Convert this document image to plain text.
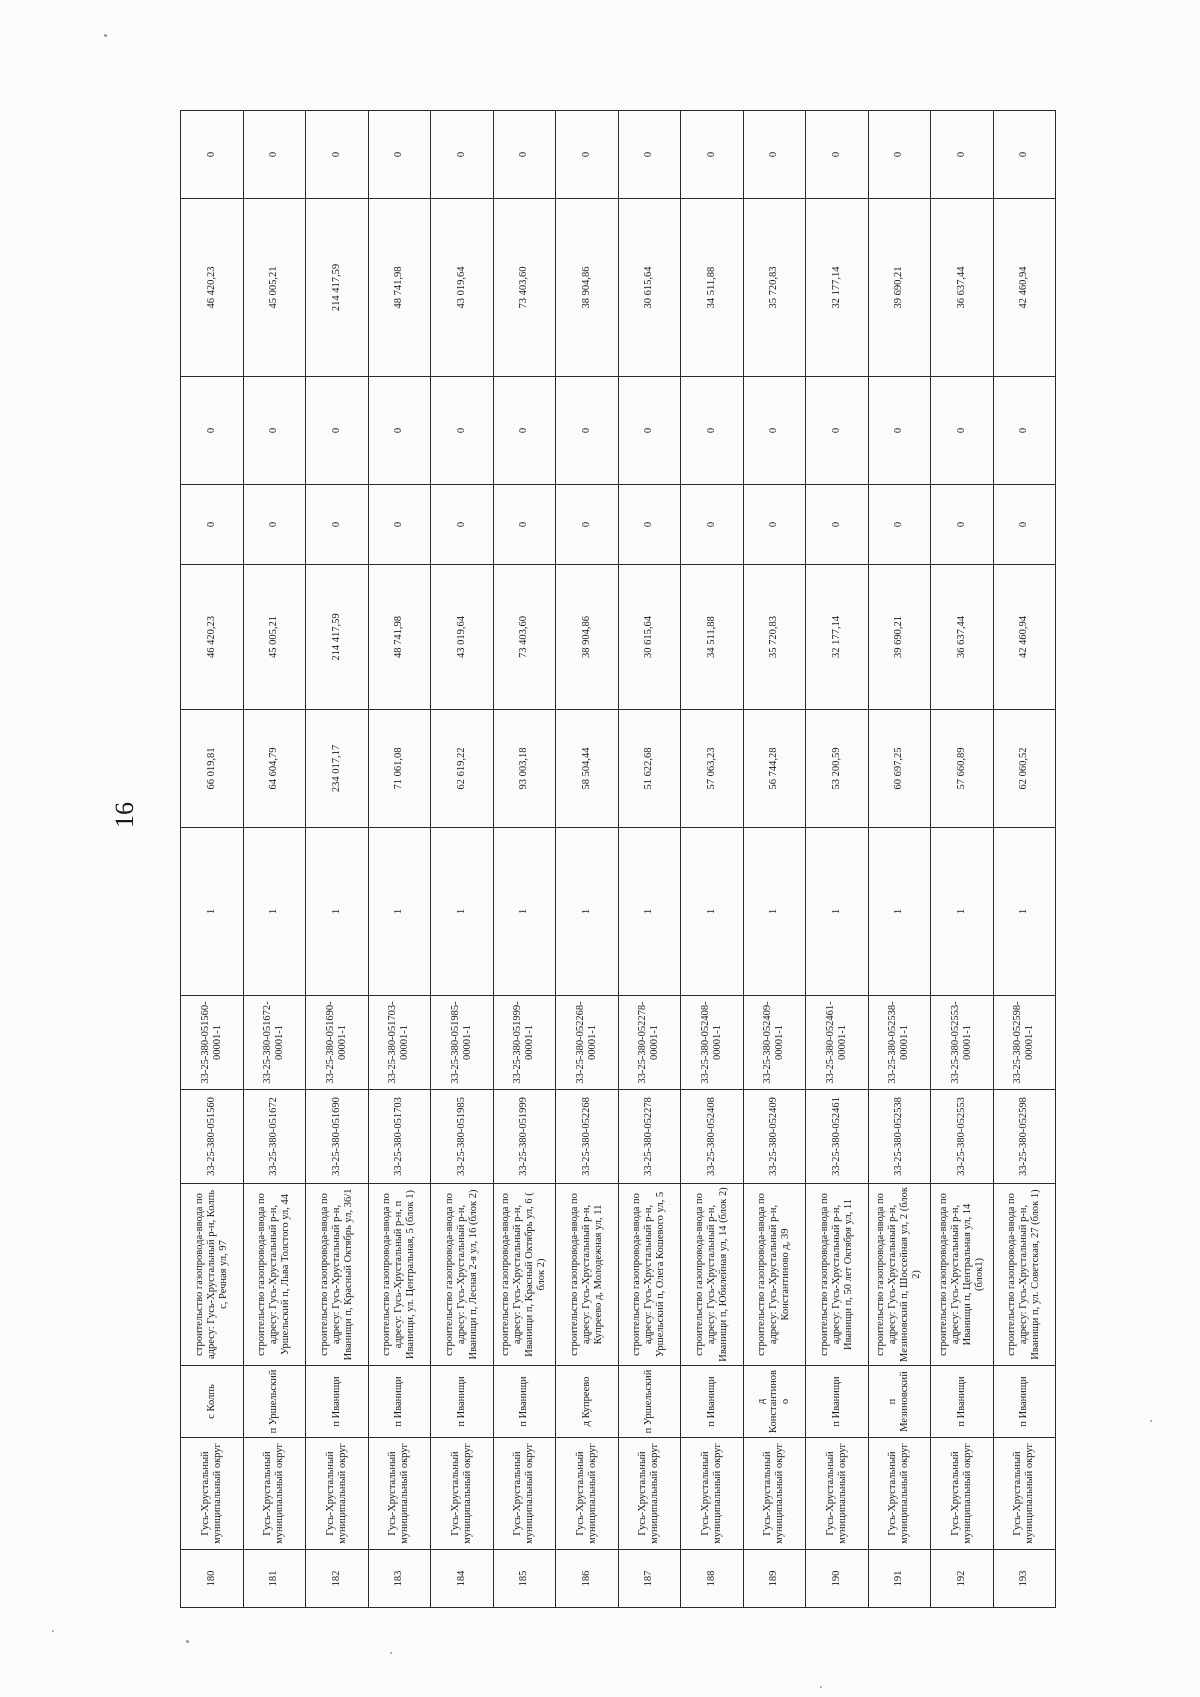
16
180	Гусь-Хрустальный муниципальный округ	с Колпь	строительство газопровода-ввода по адресу: Гусь-Хрустальный р-н, Колпь с, Речная ул, 97	33-25-380-051560	33-25-380-051560-00001-1	1	66 019,81	46 420,23	0	0	46 420,23	0
181	Гусь-Хрустальный муниципальный округ	п Уршельский	строительство газопровода-ввода по адресу: Гусь-Хрустальный р-н, Уршельский п, Льва Толстого ул, 44	33-25-380-051672	33-25-380-051672-00001-1	1	64 604,79	45 005,21	0	0	45 005,21	0
182	Гусь-Хрустальный муниципальный округ	п Иванищи	строительство газопровода-ввода по адресу: Гусь-Хрустальный р-н, Иванищи п, Красный Октябрь ул, 36/1	33-25-380-051690	33-25-380-051690-00001-1	1	234 017,17	214 417,59	0	0	214 417,59	0
183	Гусь-Хрустальный муниципальный округ	п Иванищи	строительство газопровода-ввода по адресу: Гусь-Хрустальный р-н, п Иванищи, ул. Центральная, 5 (блок 1)	33-25-380-051703	33-25-380-051703-00001-1	1	71 061,08	48 741,98	0	0	48 741,98	0
184	Гусь-Хрустальный муниципальный округ	п Иванищи	строительство газопровода-ввода по адресу: Гусь-Хрустальный р-н, Иванищи п, Лесная 2-я ул, 16 (блок 2)	33-25-380-051985	33-25-380-051985-00001-1	1	62 619,22	43 019,64	0	0	43 019,64	0
185	Гусь-Хрустальный муниципальный округ	п Иванищи	строительство газопровода-ввода по адресу: Гусь-Хрустальный р-н, Иванищи п, Красный Октябрь ул, 6 ( блок 2)	33-25-380-051999	33-25-380-051999-00001-1	1	93 003,18	73 403,60	0	0	73 403,60	0
186	Гусь-Хрустальный муниципальный округ	д Купреево	строительство газопровода-ввода по адресу: Гусь-Хрустальный р-н, Купреево д, Молодежная ул, 11	33-25-380-052268	33-25-380-052268-00001-1	1	58 504,44	38 904,86	0	0	38 904,86	0
187	Гусь-Хрустальный муниципальный округ	п Уршельский	строительство газопровода-ввода по адресу: Гусь-Хрустальный р-н, Уршельский п, Олега Кошевого ул, 5	33-25-380-052278	33-25-380-052278-00001-1	1	51 622,68	30 615,64	0	0	30 615,64	0
188	Гусь-Хрустальный муниципальный округ	п Иванищи	строительство газопровода-ввода по адресу: Гусь-Хрустальный р-н, Иванищи п, Юбилейная ул, 14 (блок 2)	33-25-380-052408	33-25-380-052408-00001-1	1	57 063,23	34 511,88	0	0	34 511,88	0
189	Гусь-Хрустальный муниципальный округ	д Константиново	строительство газопровода-ввода по адресу: Гусь-Хрустальный р-н, Константиново д, 39	33-25-380-052409	33-25-380-052409-00001-1	1	56 744,28	35 720,83	0	0	35 720,83	0
190	Гусь-Хрустальный муниципальный округ	п Иванищи	строительство газопровода-ввода по адресу: Гусь-Хрустальный р-н, Иванищи п, 50 лет Октября ул, 11	33-25-380-052461	33-25-380-052461-00001-1	1	53 200,59	32 177,14	0	0	32 177,14	0
191	Гусь-Хрустальный муниципальный округ	п Мезиновский	строительство газопровода-ввода по адресу: Гусь-Хрустальный р-н, Мезиновский п, Шоссейная ул, 2 (блок 2)	33-25-380-052538	33-25-380-052538-00001-1	1	60 697,25	39 690,21	0	0	39 690,21	0
192	Гусь-Хрустальный муниципальный округ	п Иванищи	строительство газопровода-ввода по адресу: Гусь-Хрустальный р-н, Иванищи п, Центральная ул, 14 (блок1)	33-25-380-052553	33-25-380-052553-00001-1	1	57 660,89	36 637,44	0	0	36 637,44	0
193	Гусь-Хрустальный муниципальный округ	п Иванищи	строительство газопровода-ввода по адресу: Гусь-Хрустальный р-н, Иванищи п, ул. Советская, 27 (блок 1)	33-25-380-052598	33-25-380-052598-00001-1	1	62 060,52	42 460,94	0	0	42 460,94	0
